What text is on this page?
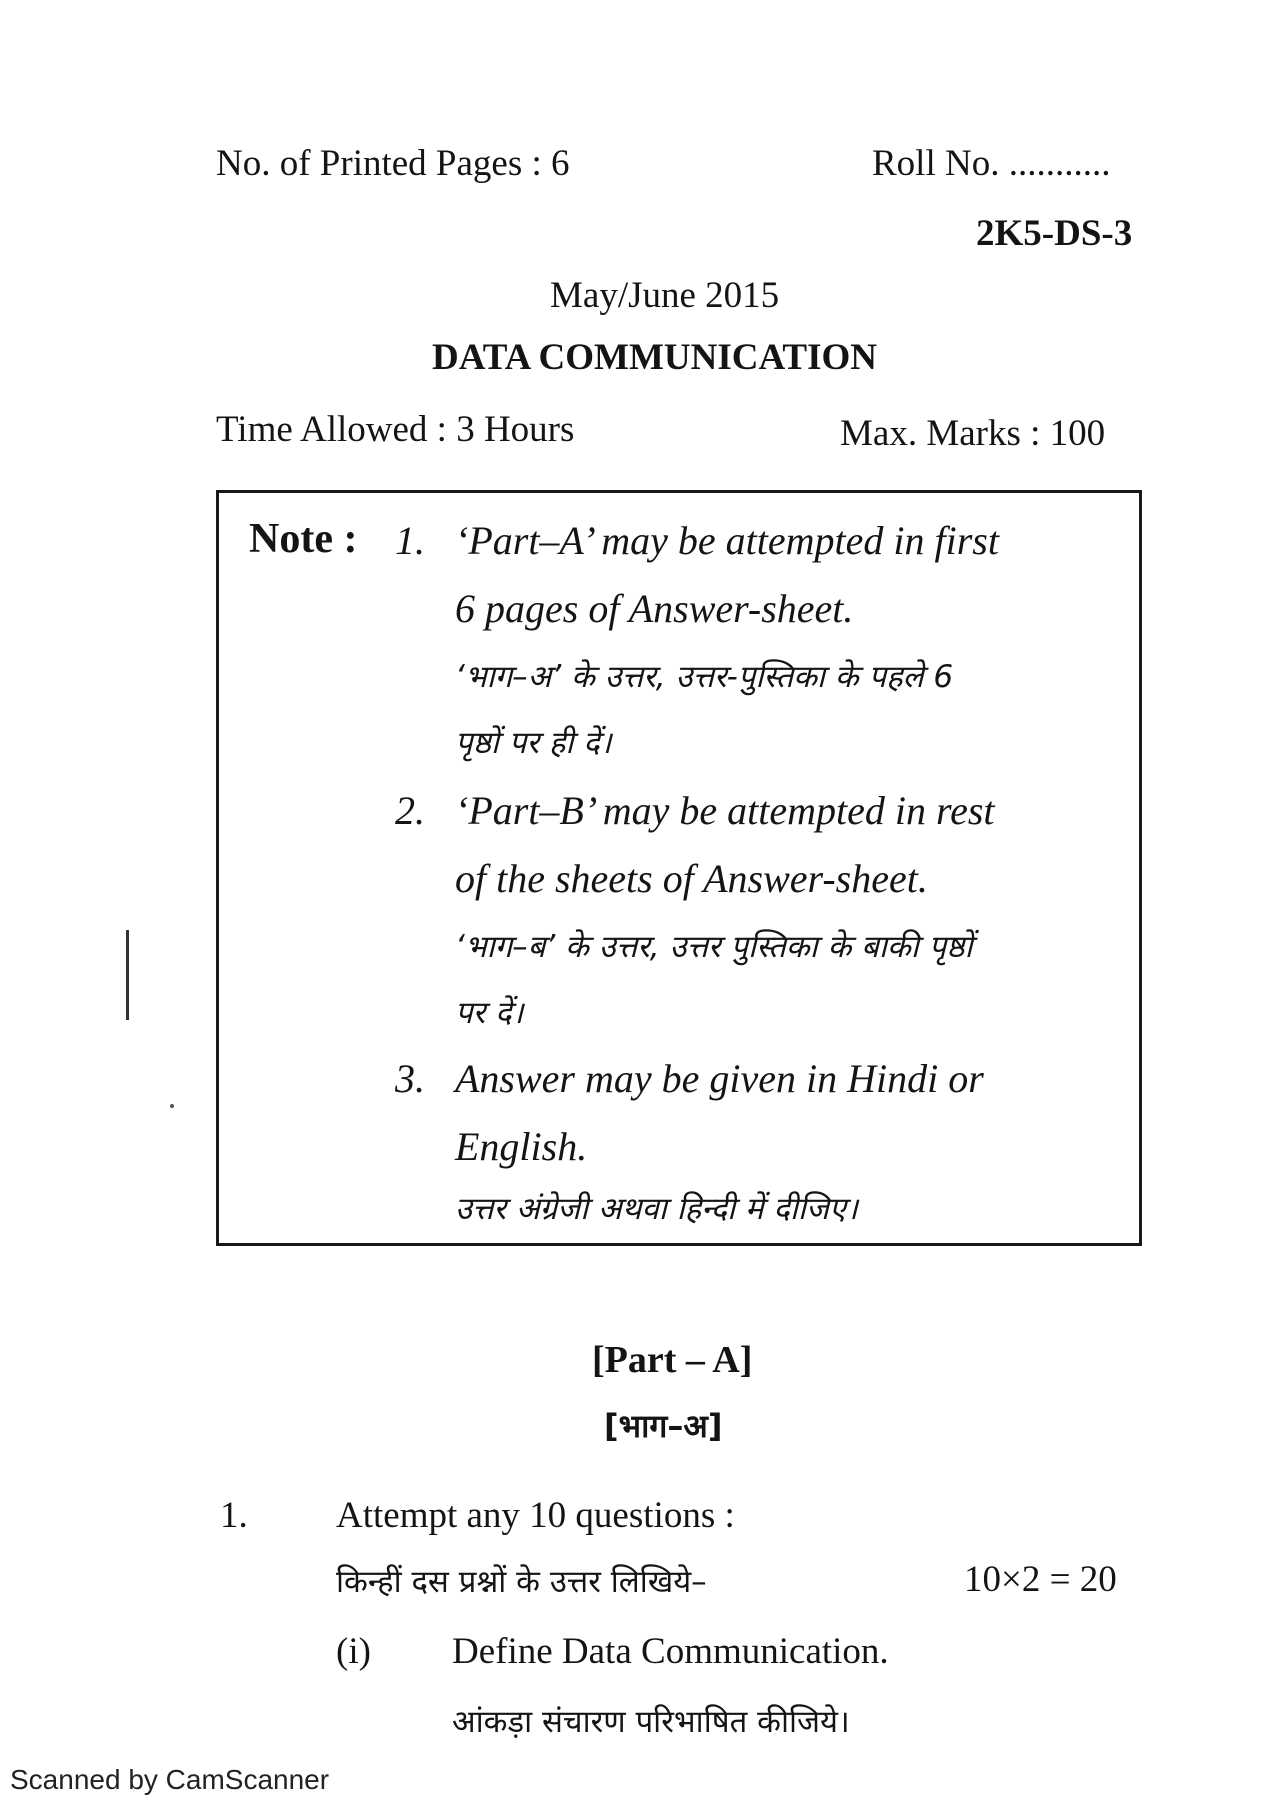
No. of Printed Pages : 6	Roll No. ...........
2K5-DS-3
May/June 2015
DATA COMMUNICATION
Time Allowed : 3 Hours	Max. Marks : 100
Note : 1. ‘Part–A’ may be attempted in first
6 pages of Answer-sheet.
‘भाग–अ’ के उत्तर, उत्तर-पुस्तिका के पहले 6
पृष्ठों पर ही दें।
2. ‘Part–B’ may be attempted in rest
of the sheets of Answer-sheet.
‘भाग–ब’ के उत्तर, उत्तर पुस्तिका के बाकी पृष्ठों
पर दें।
3. Answer may be given in Hindi or
English.
उत्तर अंग्रेजी अथवा हिन्दी में दीजिए।
[Part – A]
[भाग–अ]
1. Attempt any 10 questions :
किन्हीं दस प्रश्नों के उत्तर लिखिये–	10×2 = 20
(i) Define Data Communication.
आंकड़ा संचारण परिभाषित कीजिये।
Scanned by CamScanner
